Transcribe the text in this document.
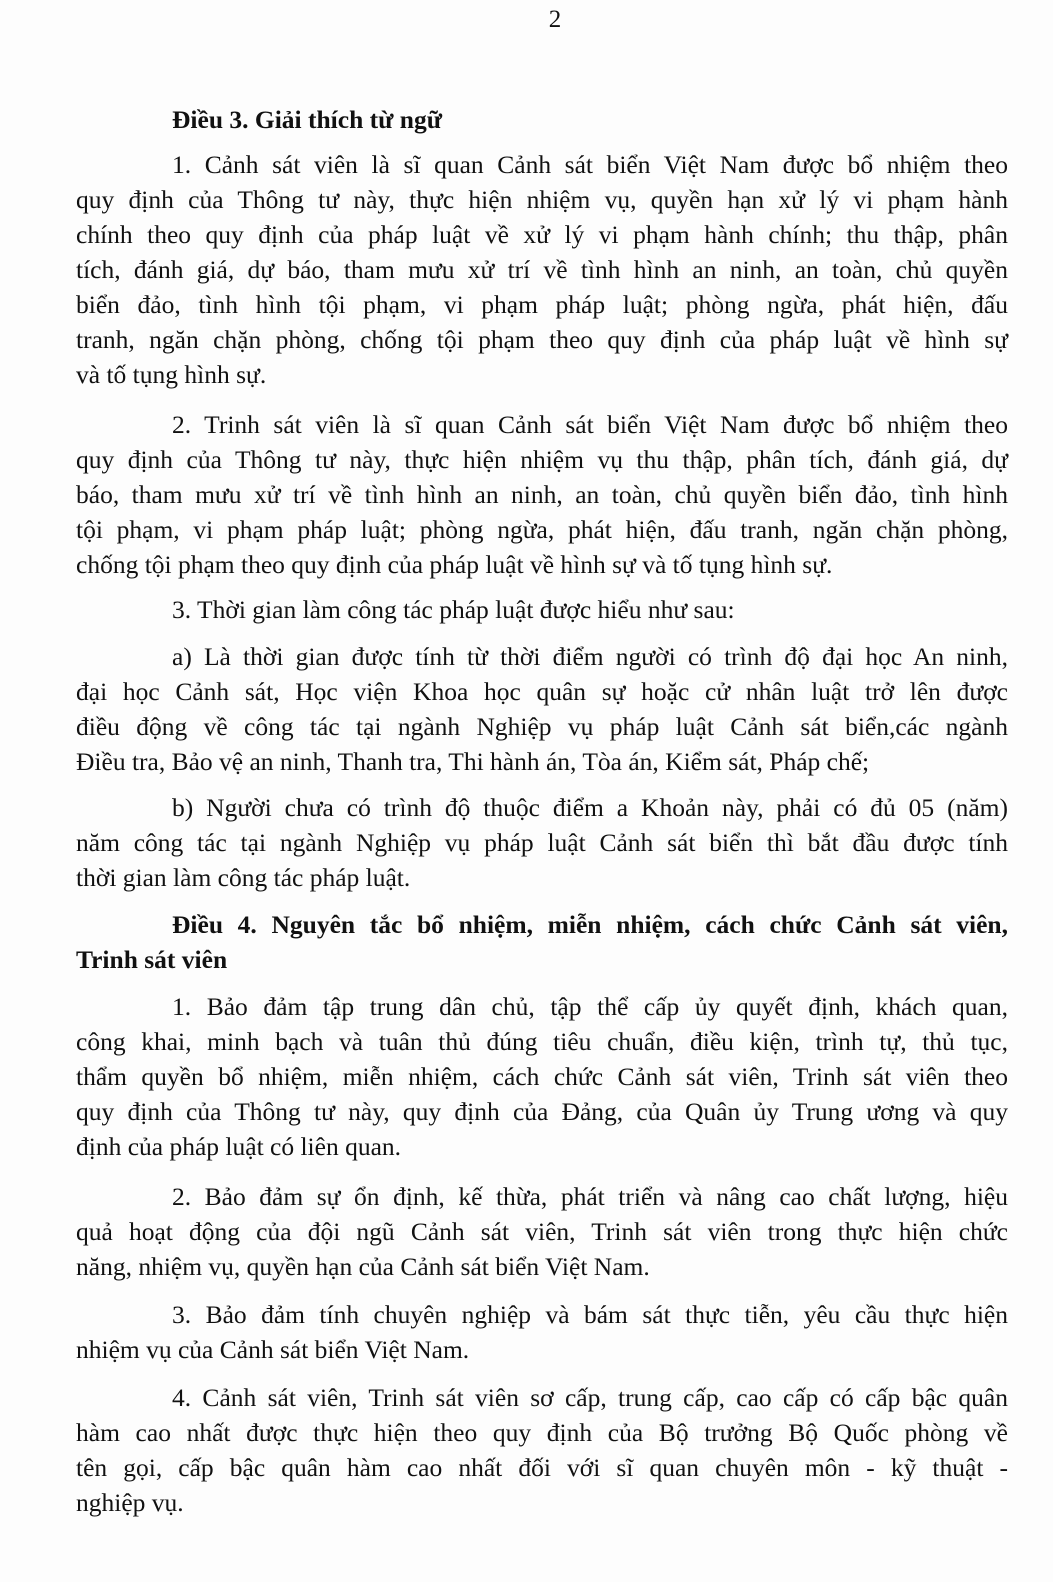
2
Điều 3. Giải thích từ ngữ
1. Cảnh sát viên là sĩ quan Cảnh sát biển Việt Nam được bổ nhiệm theo
quy định của Thông tư này, thực hiện nhiệm vụ, quyền hạn xử lý vi phạm hành
chính theo quy định của pháp luật về xử lý vi phạm hành chính; thu thập, phân
tích, đánh giá, dự báo, tham mưu xử trí về tình hình an ninh, an toàn, chủ quyền
biển đảo, tình hình tội phạm, vi phạm pháp luật; phòng ngừa, phát hiện, đấu
tranh, ngăn chặn phòng, chống tội phạm theo quy định của pháp luật về hình sự
và tố tụng hình sự.
2. Trinh sát viên là sĩ quan Cảnh sát biển Việt Nam được bổ nhiệm theo
quy định của Thông tư này, thực hiện nhiệm vụ thu thập, phân tích, đánh giá, dự
báo, tham mưu xử trí về tình hình an ninh, an toàn, chủ quyền biển đảo, tình hình
tội phạm, vi phạm pháp luật; phòng ngừa, phát hiện, đấu tranh, ngăn chặn phòng,
chống tội phạm theo quy định của pháp luật về hình sự và tố tụng hình sự.
3. Thời gian làm công tác pháp luật được hiểu như sau:
a) Là thời gian được tính từ thời điểm người có trình độ đại học An ninh,
đại học Cảnh sát, Học viện Khoa học quân sự hoặc cử nhân luật trở lên được
điều động về công tác tại ngành Nghiệp vụ pháp luật Cảnh sát biển,các ngành
Điều tra, Bảo vệ an ninh, Thanh tra, Thi hành án, Tòa án, Kiểm sát, Pháp chế;
b) Người chưa có trình độ thuộc điểm a Khoản này, phải có đủ 05 (năm)
năm công tác tại ngành Nghiệp vụ pháp luật Cảnh sát biển thì bắt đầu được tính
thời gian làm công tác pháp luật.
Điều 4. Nguyên tắc bổ nhiệm, miễn nhiệm, cách chức Cảnh sát viên,
Trinh sát viên
1. Bảo đảm tập trung dân chủ, tập thể cấp ủy quyết định, khách quan,
công khai, minh bạch và tuân thủ đúng tiêu chuẩn, điều kiện, trình tự, thủ tục,
thẩm quyền bổ nhiệm, miễn nhiệm, cách chức Cảnh sát viên, Trinh sát viên theo
quy định của Thông tư này, quy định của Đảng, của Quân ủy Trung ương và quy
định của pháp luật có liên quan.
2. Bảo đảm sự ổn định, kế thừa, phát triển và nâng cao chất lượng, hiệu
quả hoạt động của đội ngũ Cảnh sát viên, Trinh sát viên trong thực hiện chức
năng, nhiệm vụ, quyền hạn của Cảnh sát biển Việt Nam.
3. Bảo đảm tính chuyên nghiệp và bám sát thực tiễn, yêu cầu thực hiện
nhiệm vụ của Cảnh sát biển Việt Nam.
4. Cảnh sát viên, Trinh sát viên sơ cấp, trung cấp, cao cấp có cấp bậc quân
hàm cao nhất được thực hiện theo quy định của Bộ trưởng Bộ Quốc phòng về
tên gọi, cấp bậc quân hàm cao nhất đối với sĩ quan chuyên môn - kỹ thuật -
nghiệp vụ.
